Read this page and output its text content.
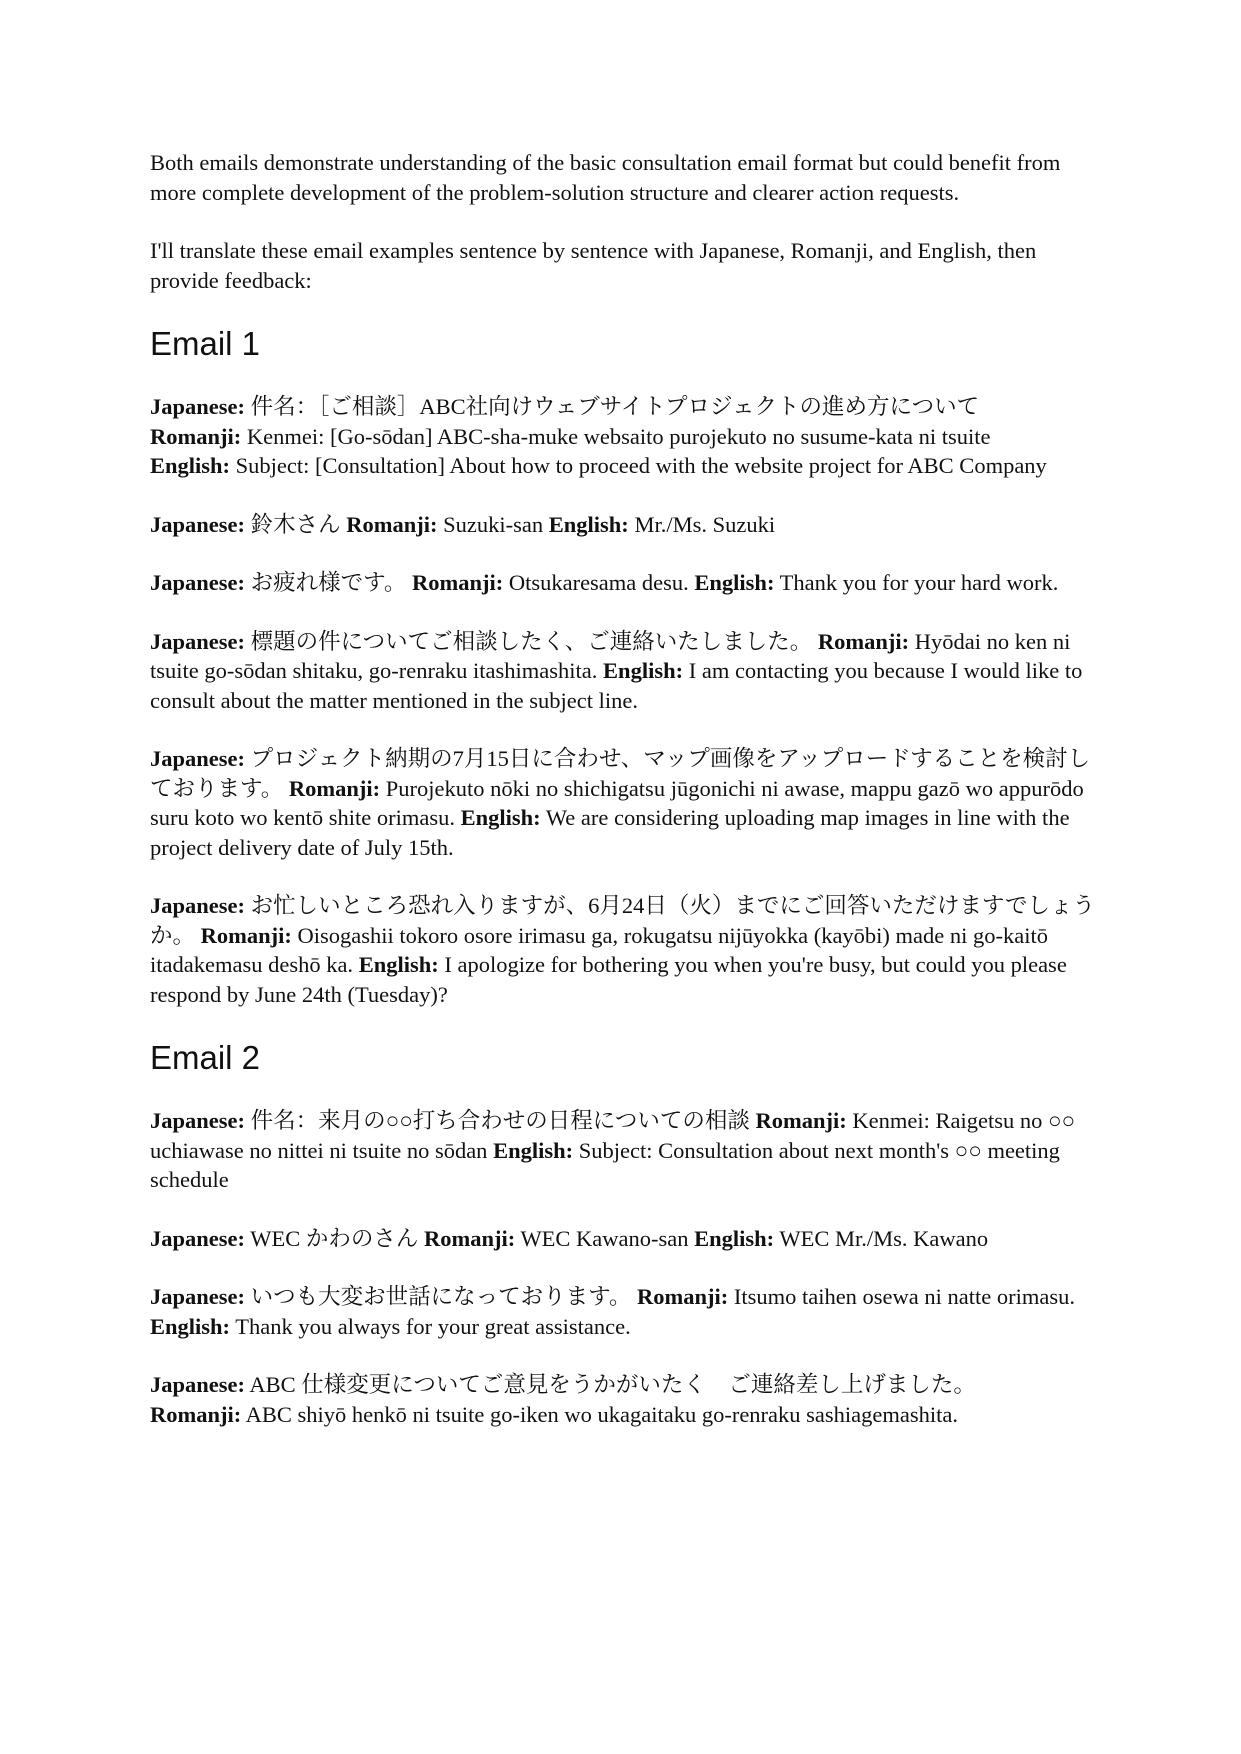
Both emails demonstrate understanding of the basic consultation email format but could benefit from more complete development of the problem-solution structure and clearer action requests.

I'll translate these email examples sentence by sentence with Japanese, Romanji, and English, then provide feedback:

Email 1

Japanese: 件名：［ご相談］ABC社向けウェブサイトプロジェクトの進め方について
Romanji: Kenmei: [Go-sōdan] ABC-sha-muke websaito purojekuto no susume-kata ni tsuite
English: Subject: [Consultation] About how to proceed with the website project for ABC Company

Japanese: 鈴木さん Romanji: Suzuki-san English: Mr./Ms. Suzuki

Japanese: お疲れ様です。 Romanji: Otsukaresama desu. English: Thank you for your hard work.

Japanese: 標題の件についてご相談したく、ご連絡いたしました。 Romanji: Hyōdai no ken ni tsuite go-sōdan shitaku, go-renraku itashimashita. English: I am contacting you because I would like to consult about the matter mentioned in the subject line.

Japanese: プロジェクト納期の7月15日に合わせ、マップ画像をアップロードすることを検討しております。 Romanji: Purojekuto nōki no shichigatsu jūgonichi ni awase, mappu gazō wo appurōdo suru koto wo kentō shite orimasu. English: We are considering uploading map images in line with the project delivery date of July 15th.

Japanese: お忙しいところ恐れ入りますが、6月24日（火）までにご回答いただけますでしょうか。 Romanji: Oisogashii tokoro osore irimasu ga, rokugatsu nijūyokka (kayōbi) made ni go-kaitō itadakemasu deshō ka. English: I apologize for bothering you when you're busy, but could you please respond by June 24th (Tuesday)?

Email 2

Japanese: 件名：来月の○○打ち合わせの日程についての相談 Romanji: Kenmei: Raigetsu no ○○ uchiawase no nittei ni tsuite no sōdan English: Subject: Consultation about next month's ○○ meeting schedule

Japanese: WEC かわのさん Romanji: WEC Kawano-san English: WEC Mr./Ms. Kawano

Japanese: いつも大変お世話になっております。 Romanji: Itsumo taihen osewa ni natte orimasu. English: Thank you always for your great assistance.

Japanese: ABC 仕様変更についてご意見をうかがいたく　ご連絡差し上げました。
Romanji: ABC shiyō henkō ni tsuite go-iken wo ukagaitaku go-renraku sashiagemashita.
